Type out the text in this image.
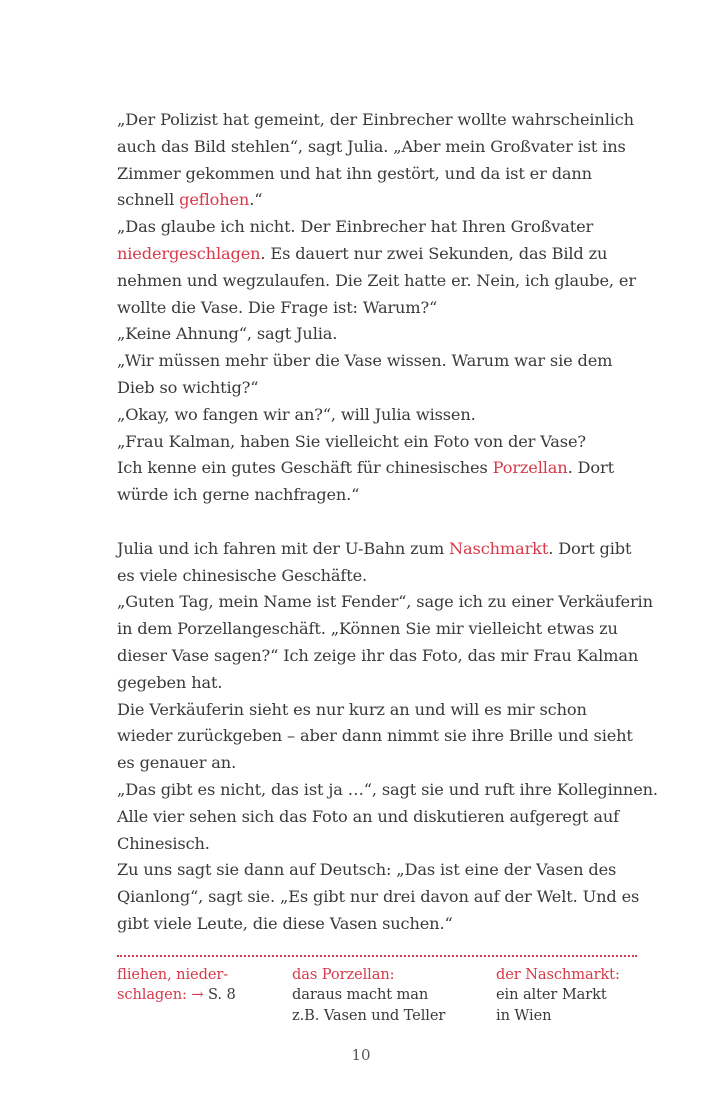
„Der Polizist hat gemeint, der Einbrecher wollte wahrscheinlich
auch das Bild stehlen“, sagt Julia. „Aber mein Großvater ist ins
Zimmer gekommen und hat ihn gestört, und da ist er dann
schnell geflohen.“
„Das glaube ich nicht. Der Einbrecher hat Ihren Großvater
niedergeschlagen. Es dauert nur zwei Sekunden, das Bild zu
nehmen und wegzulaufen. Die Zeit hatte er. Nein, ich glaube, er
wollte die Vase. Die Frage ist: Warum?“
„Keine Ahnung“, sagt Julia.
„Wir müssen mehr über die Vase wissen. Warum war sie dem
Dieb so wichtig?“
„Okay, wo fangen wir an?“, will Julia wissen.
„Frau Kalman, haben Sie vielleicht ein Foto von der Vase?
Ich kenne ein gutes Geschäft für chinesisches Porzellan. Dort
würde ich gerne nachfragen.“
Julia und ich fahren mit der U-Bahn zum Naschmarkt. Dort gibt
es viele chinesische Geschäfte.
„Guten Tag, mein Name ist Fender“, sage ich zu einer Verkäuferin
in dem Porzellangeschäft. „Können Sie mir vielleicht etwas zu
dieser Vase sagen?“ Ich zeige ihr das Foto, das mir Frau Kalman
gegeben hat.
Die Verkäuferin sieht es nur kurz an und will es mir schon
wieder zurückgeben – aber dann nimmt sie ihre Brille und sieht
es genauer an.
„Das gibt es nicht, das ist ja …“, sagt sie und ruft ihre Kolleginnen.
Alle vier sehen sich das Foto an und diskutieren aufgeregt auf
Chinesisch.
Zu uns sagt sie dann auf Deutsch: „Das ist eine der Vasen des
Qianlong“, sagt sie. „Es gibt nur drei davon auf der Welt. Und es
gibt viele Leute, die diese Vasen suchen.“
fliehen, nieder-
schlagen: → S. 8
das Porzellan:
daraus macht man
z.B. Vasen und Teller
der Naschmarkt:
ein alter Markt
in Wien
10
